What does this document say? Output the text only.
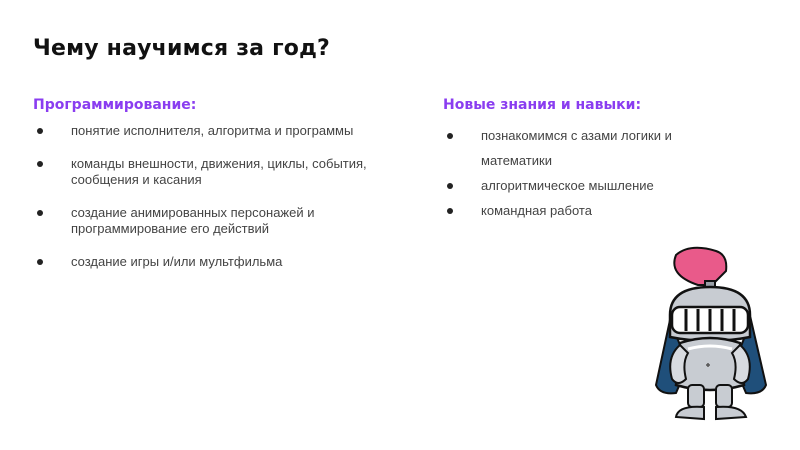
Чему научимся за год?
Программирование:
понятие исполнителя, алгоритма и программы
команды внешности, движения, циклы, события, сообщения и касания
создание анимированных персонажей и программирование его действий
создание игры и/или мультфильма
Новые знания и навыки:
познакомимся с азами логики и математики
алгоритмическое мышление
командная работа
